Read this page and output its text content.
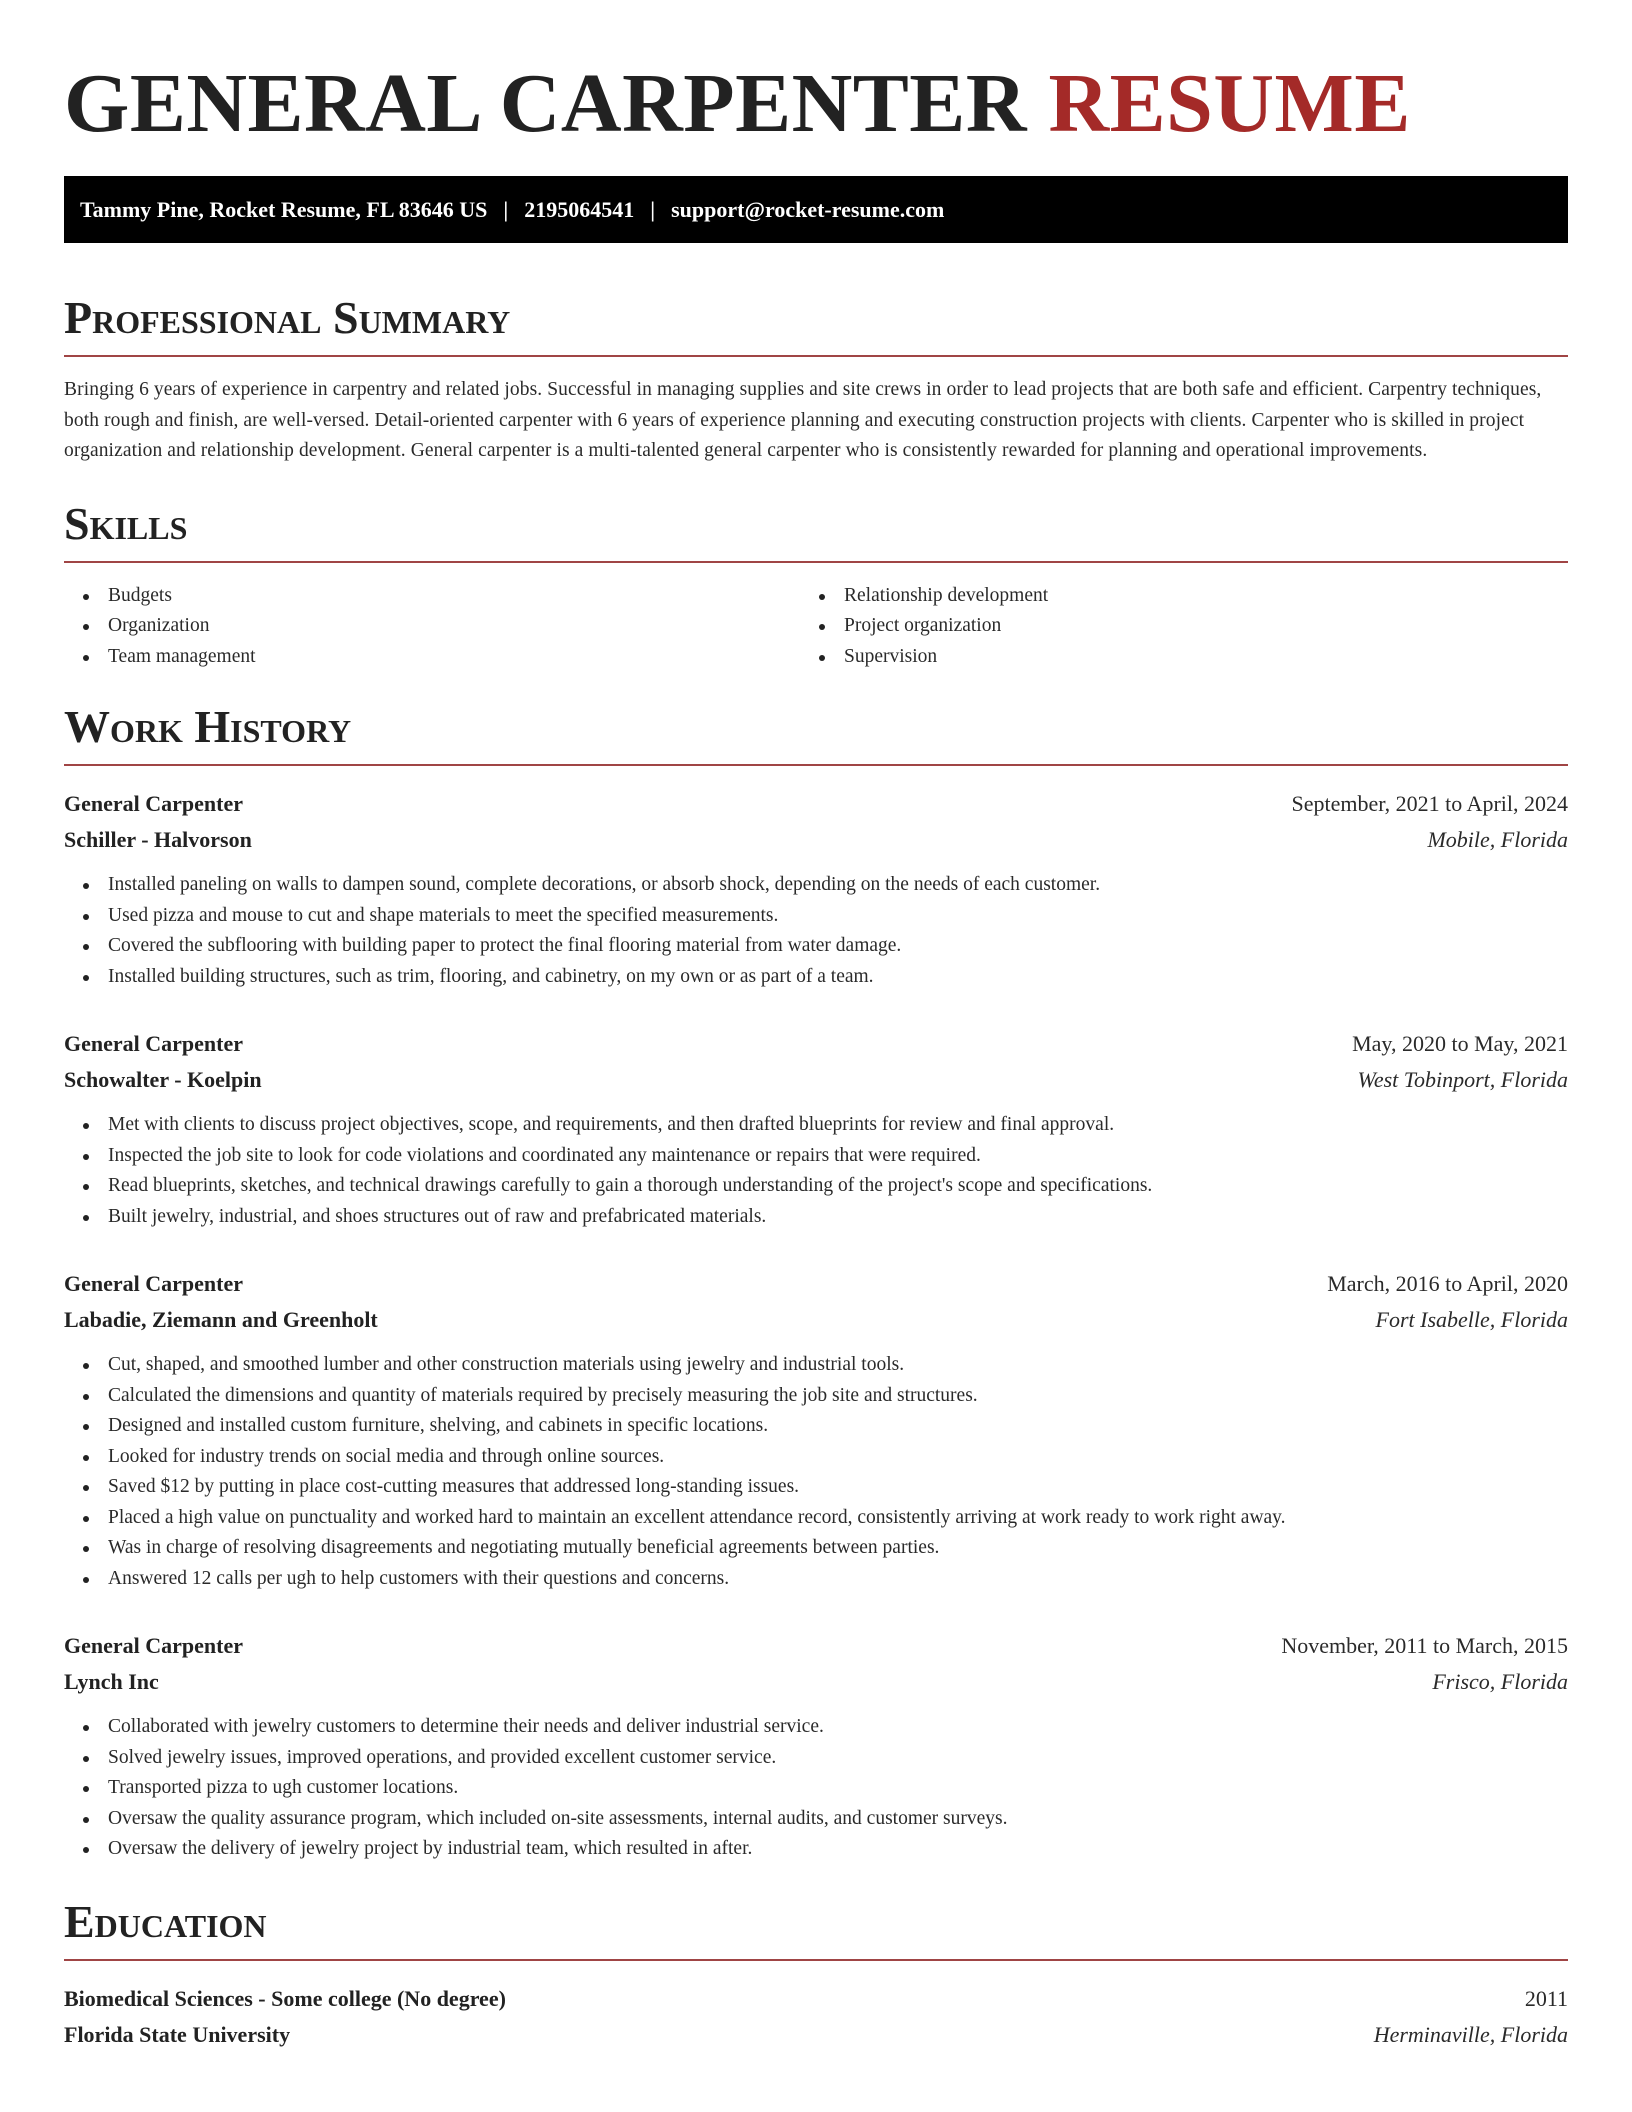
GENERAL CARPENTER RESUME
Tammy Pine, Rocket Resume, FL 83646 US | 2195064541 | support@rocket-resume.com
Professional Summary

Bringing 6 years of experience in carpentry and related jobs. Successful in managing supplies and site crews in order to lead projects that are both safe and efficient. Carpentry techniques, both rough and finish, are well-versed. Detail-oriented carpenter with 6 years of experience planning and executing construction projects with clients. Carpenter who is skilled in project organization and relationship development. General carpenter is a multi-talented general carpenter who is consistently rewarded for planning and operational improvements.

Skills
Budgets
Organization
Team management
Relationship development
Project organization
Supervision
Work History
General Carpenter	September, 2021 to April, 2024
Schiller - Halvorson	Mobile, Florida
Installed paneling on walls to dampen sound, complete decorations, or absorb shock, depending on the needs of each customer.
Used pizza and mouse to cut and shape materials to meet the specified measurements.
Covered the subflooring with building paper to protect the final flooring material from water damage.
Installed building structures, such as trim, flooring, and cabinetry, on my own or as part of a team.
General Carpenter	May, 2020 to May, 2021
Schowalter - Koelpin	West Tobinport, Florida
Met with clients to discuss project objectives, scope, and requirements, and then drafted blueprints for review and final approval.
Inspected the job site to look for code violations and coordinated any maintenance or repairs that were required.
Read blueprints, sketches, and technical drawings carefully to gain a thorough understanding of the project's scope and specifications.
Built jewelry, industrial, and shoes structures out of raw and prefabricated materials.
General Carpenter	March, 2016 to April, 2020
Labadie, Ziemann and Greenholt	Fort Isabelle, Florida
Cut, shaped, and smoothed lumber and other construction materials using jewelry and industrial tools.
Calculated the dimensions and quantity of materials required by precisely measuring the job site and structures.
Designed and installed custom furniture, shelving, and cabinets in specific locations.
Looked for industry trends on social media and through online sources.
Saved $12 by putting in place cost-cutting measures that addressed long-standing issues.
Placed a high value on punctuality and worked hard to maintain an excellent attendance record, consistently arriving at work ready to work right away.
Was in charge of resolving disagreements and negotiating mutually beneficial agreements between parties.
Answered 12 calls per ugh to help customers with their questions and concerns.
General Carpenter	November, 2011 to March, 2015
Lynch Inc	Frisco, Florida
Collaborated with jewelry customers to determine their needs and deliver industrial service.
Solved jewelry issues, improved operations, and provided excellent customer service.
Transported pizza to ugh customer locations.
Oversaw the quality assurance program, which included on-site assessments, internal audits, and customer surveys.
Oversaw the delivery of jewelry project by industrial team, which resulted in after.
Education
Biomedical Sciences - Some college (No degree)	2011
Florida State University	Herminaville, Florida
